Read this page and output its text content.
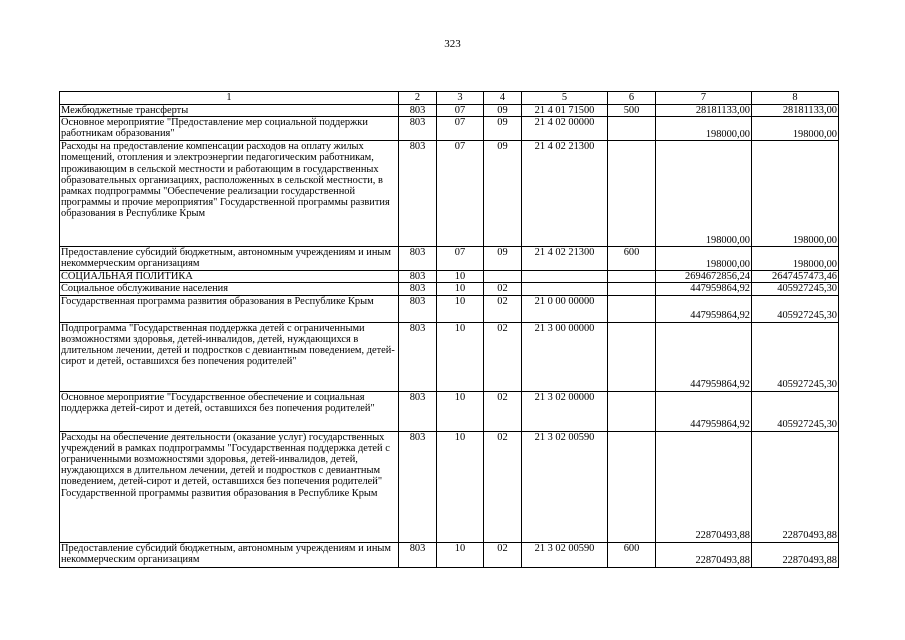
323
1	2	3	4	5	6	7	8
Межбюджетные трансферты	803	07	09	21 4 01 71500	500	28181133,00	28181133,00
Основное мероприятие "Предоставление мер социальной поддержки работникам образования"	803	07	09	21 4 02 00000		198000,00	198000,00
Расходы на предоставление компенсации расходов на оплату жилых помещений, отопления и электроэнергии педагогическим работникам, проживающим в сельской местности и работающим в государственных образовательных организациях, расположенных в сельской местности, в рамках подпрограммы "Обеспечение реализации государственной программы и прочие мероприятия" Государственной программы развития образования в Республике Крым	803	07	09	21 4 02 21300		198000,00	198000,00
Предоставление субсидий бюджетным, автономным учреждениям и иным некоммерческим организациям	803	07	09	21 4 02 21300	600	198000,00	198000,00
СОЦИАЛЬНАЯ ПОЛИТИКА	803	10				2694672856,24	2647457473,46
Социальное обслуживание населения	803	10	02			447959864,92	405927245,30
Государственная программа развития образования в Республике Крым	803	10	02	21 0 00 00000		447959864,92	405927245,30
Подпрограмма "Государственная поддержка детей с ограниченными возможностями здоровья, детей-инвалидов, детей, нуждающихся в длительном лечении, детей и подростков с девиантным поведением, детей-сирот и детей, оставшихся без попечения родителей"	803	10	02	21 3 00 00000		447959864,92	405927245,30
Основное мероприятие "Государственное обеспечение и социальная поддержка детей-сирот и детей, оставшихся без попечения родителей"	803	10	02	21 3 02 00000		447959864,92	405927245,30
Расходы на обеспечение деятельности (оказание услуг) государственных учреждений в рамках подпрограммы "Государственная поддержка детей с ограниченными возможностями здоровья, детей-инвалидов, детей, нуждающихся в длительном лечении, детей и подростков с девиантным поведением, детей-сирот и детей, оставшихся без попечения родителей" Государственной программы развития образования в Республике Крым	803	10	02	21 3 02 00590		22870493,88	22870493,88
Предоставление субсидий бюджетным, автономным учреждениям и иным некоммерческим организациям	803	10	02	21 3 02 00590	600	22870493,88	22870493,88
